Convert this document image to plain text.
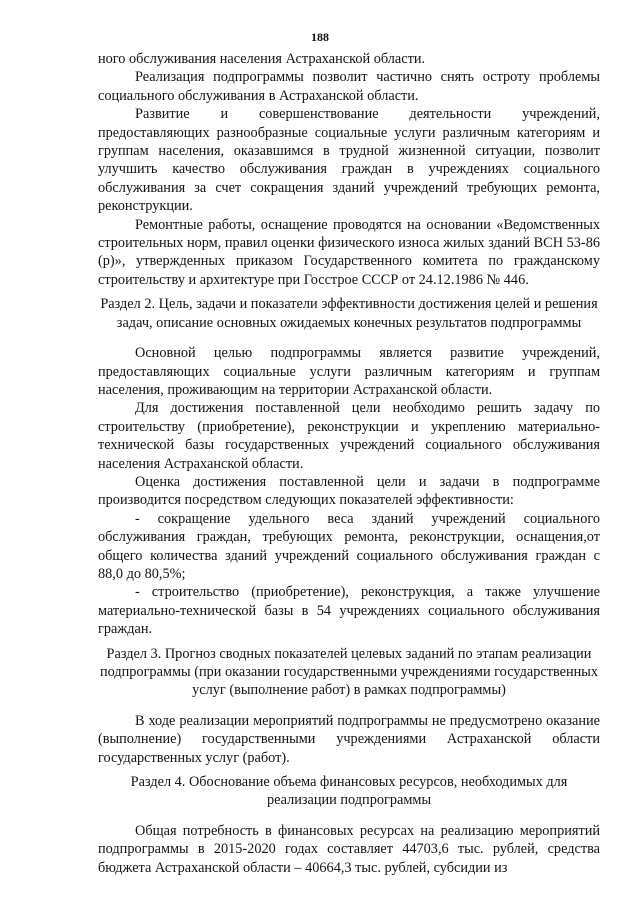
188

ного обслуживания населения Астраханской области.

Реализация подпрограммы позволит частично снять остроту проблемы социального обслуживания в Астраханской области.

Развитие и совершенствование деятельности учреждений, предоставляющих разнообразные социальные услуги различным категориям и группам населения, оказавшимся в трудной жизненной ситуации, позволит улучшить качество обслуживания граждан в учреждениях социального обслуживания за счет сокращения зданий учреждений требующих ремонта, реконструкции.

Ремонтные работы, оснащение проводятся на основании «Ведомственных строительных норм, правил оценки физического износа жилых зданий ВСН 53-86 (р)», утвержденных приказом Государственного комитета по гражданскому строительству и архитектуре при Госстрое СССР от 24.12.1986 № 446.

Раздел 2. Цель, задачи и показатели эффективности достижения целей и решения задач, описание основных ожидаемых конечных результатов подпрограммы

Основной целью подпрограммы является развитие учреждений, предоставляющих социальные услуги различным категориям и группам населения, проживающим на территории Астраханской области.

Для достижения поставленной цели необходимо решить задачу по строительству (приобретение), реконструкции и укреплению материально-технической базы государственных учреждений социального обслуживания населения Астраханской области.

Оценка достижения поставленной цели и задачи в подпрограмме производится посредством следующих показателей эффективности:

- сокращение удельного веса зданий учреждений социального обслуживания граждан, требующих ремонта, реконструкции, оснащения,от общего количества зданий учреждений социального обслуживания граждан с 88,0 до 80,5%;

- строительство (приобретение), реконструкция, а также улучшение материально-технической базы в 54 учреждениях социального обслуживания граждан.

Раздел 3. Прогноз сводных показателей целевых заданий по этапам реализации подпрограммы (при оказании государственными учреждениями государственных услуг (выполнение работ) в рамках подпрограммы)

В ходе реализации мероприятий подпрограммы не предусмотрено оказание (выполнение) государственными учреждениями Астраханской области государственных услуг (работ).

Раздел 4. Обоснование объема финансовых ресурсов, необходимых для реализации подпрограммы

Общая потребность в финансовых ресурсах на реализацию мероприятий подпрограммы в 2015-2020 годах составляет 44703,6 тыс. рублей, средства бюджета Астраханской области – 40664,3 тыс. рублей, субсидии из
